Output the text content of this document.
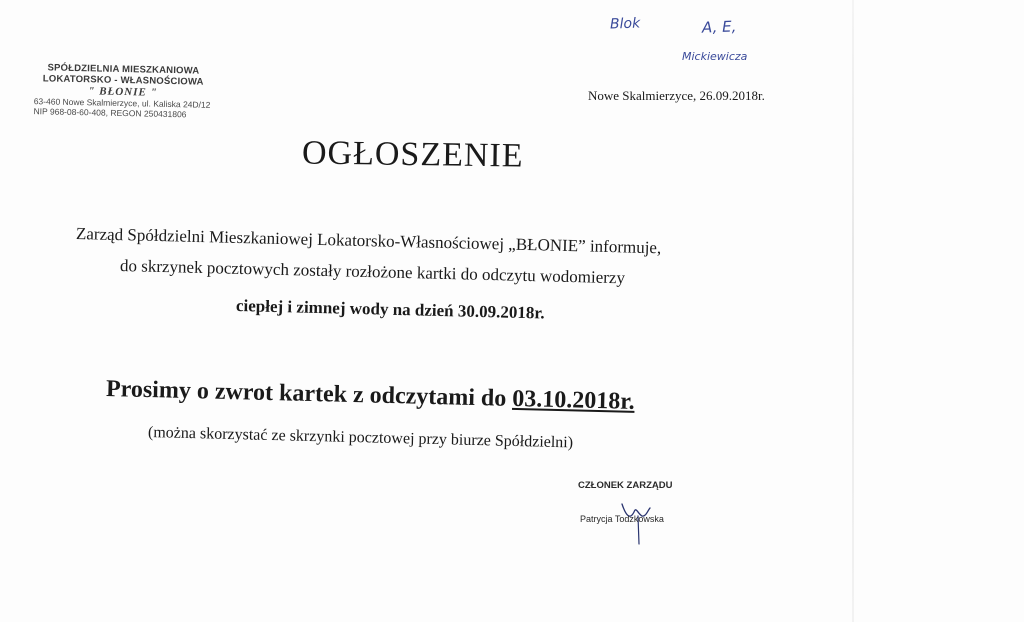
SPÓŁDZIELNIA MIESZKANIOWA
LOKATORSKO - WŁASNOŚCIOWA
" BŁONIE "
63-460 Nowe Skalmierzyce, ul. Kaliska 24D/12
NIP 968-08-60-408, REGON 250431806
Blok	A, E,
Mickiewicza
Nowe Skalmierzyce, 26.09.2018r.
OGŁOSZENIE
Zarząd Spółdzielni Mieszkaniowej Lokatorsko-Własnościowej „BŁONIE” informuje,
do skrzynek pocztowych zostały rozłożone kartki do odczytu wodomierzy
ciepłej i zimnej wody na dzień 30.09.2018r.
Prosimy o zwrot kartek z odczytami do 03.10.2018r.
(można skorzystać ze skrzynki pocztowej przy biurze Spółdzielni)
CZŁONEK ZARZĄDU
Patrycja Todzkowska
